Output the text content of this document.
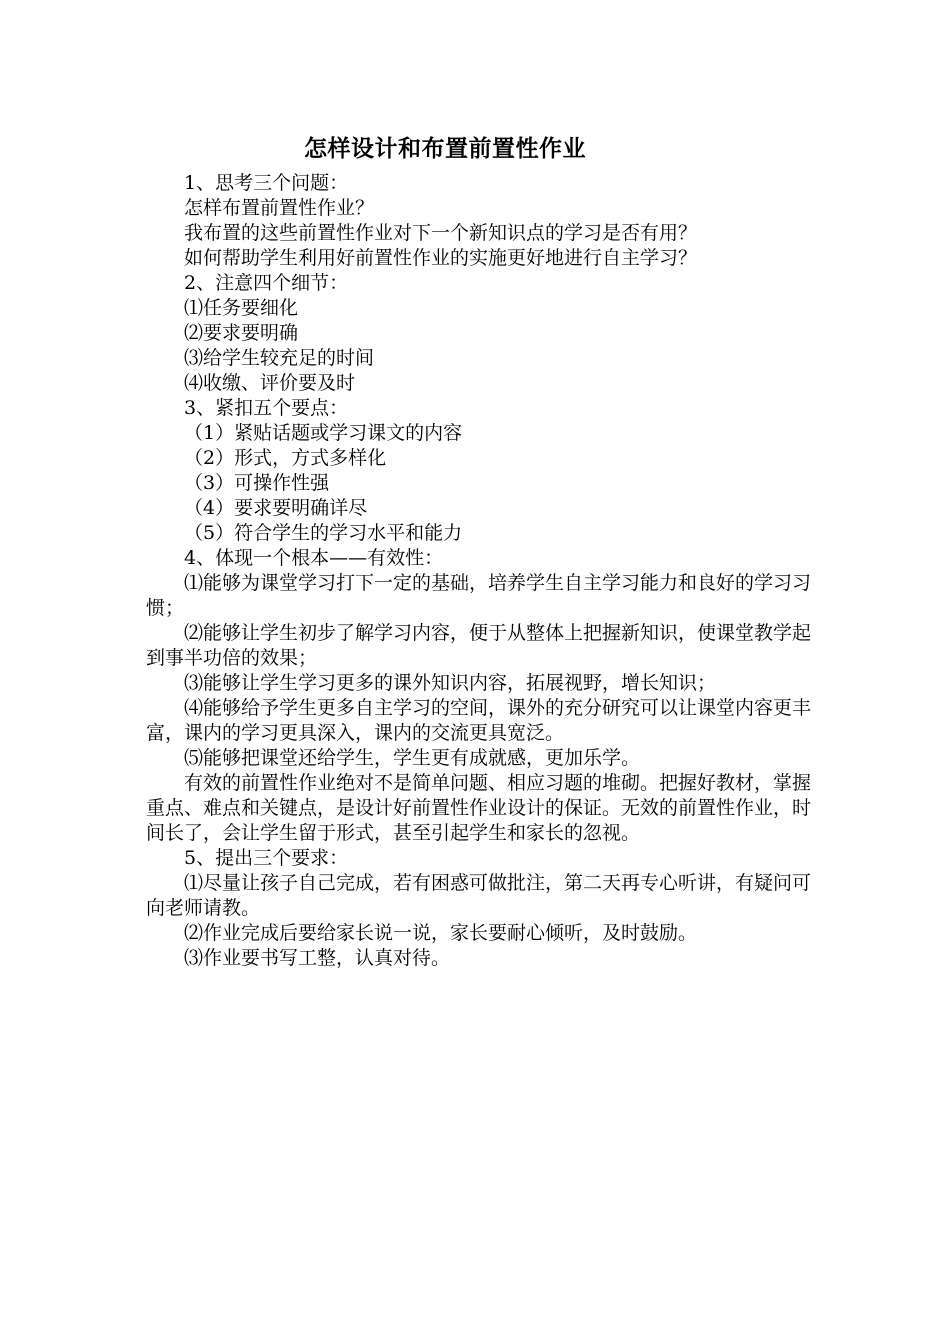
怎样设计和布置前置性作业

1、思考三个问题：

怎样布置前置性作业？

我布置的这些前置性作业对下一个新知识点的学习是否有用？

如何帮助学生利用好前置性作业的实施更好地进行自主学习？

2、注意四个细节：

⑴任务要细化

⑵要求要明确

⑶给学生较充足的时间

⑷收缴、评价要及时

3、紧扣五个要点：

（1）紧贴话题或学习课文的内容

（2）形式，方式多样化

（3）可操作性强

（4）要求要明确详尽

（5）符合学生的学习水平和能力

4、体现一个根本——有效性：

⑴能够为课堂学习打下一定的基础，培养学生自主学习能力和良好的学习习惯；

⑵能够让学生初步了解学习内容，便于从整体上把握新知识，使课堂教学起到事半功倍的效果；

⑶能够让学生学习更多的课外知识内容，拓展视野，增长知识；

⑷能够给予学生更多自主学习的空间，课外的充分研究可以让课堂内容更丰富，课内的学习更具深入，课内的交流更具宽泛。

⑸能够把课堂还给学生，学生更有成就感，更加乐学。

有效的前置性作业绝对不是简单问题、相应习题的堆砌。把握好教材，掌握重点、难点和关键点，是设计好前置性作业设计的保证。无效的前置性作业，时间长了，会让学生留于形式，甚至引起学生和家长的忽视。

5、提出三个要求：

⑴尽量让孩子自己完成，若有困惑可做批注，第二天再专心听讲，有疑问可向老师请教。

⑵作业完成后要给家长说一说，家长要耐心倾听，及时鼓励。

⑶作业要书写工整，认真对待。
